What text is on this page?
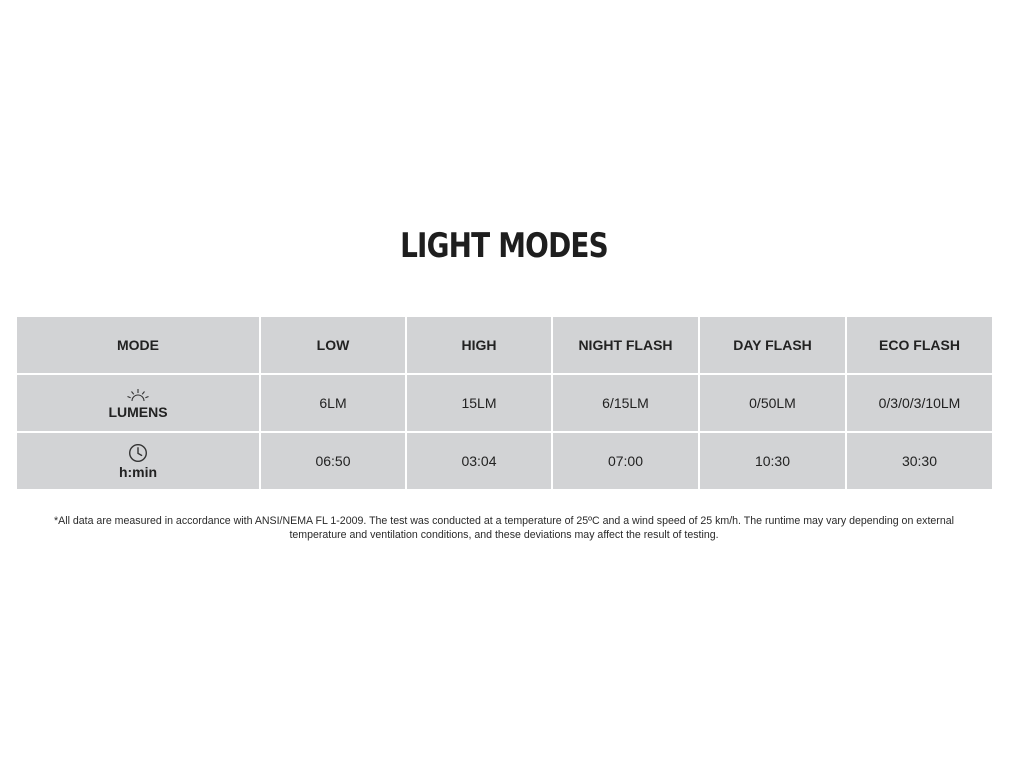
LIGHT MODES
MODE	LOW	HIGH	NIGHT FLASH	DAY FLASH	ECO FLASH

LUMENS	6LM	15LM	6/15LM	0/50LM	0/3/0/3/10LM

h:min	06:50	03:04	07:00	10:30	30:30
*All data are measured in accordance with ANSI/NEMA FL 1-2009. The test was conducted at a temperature of 25ºC and a wind speed of 25 km/h. The runtime may vary depending on external
temperature and ventilation conditions, and these deviations may affect the result of testing.
